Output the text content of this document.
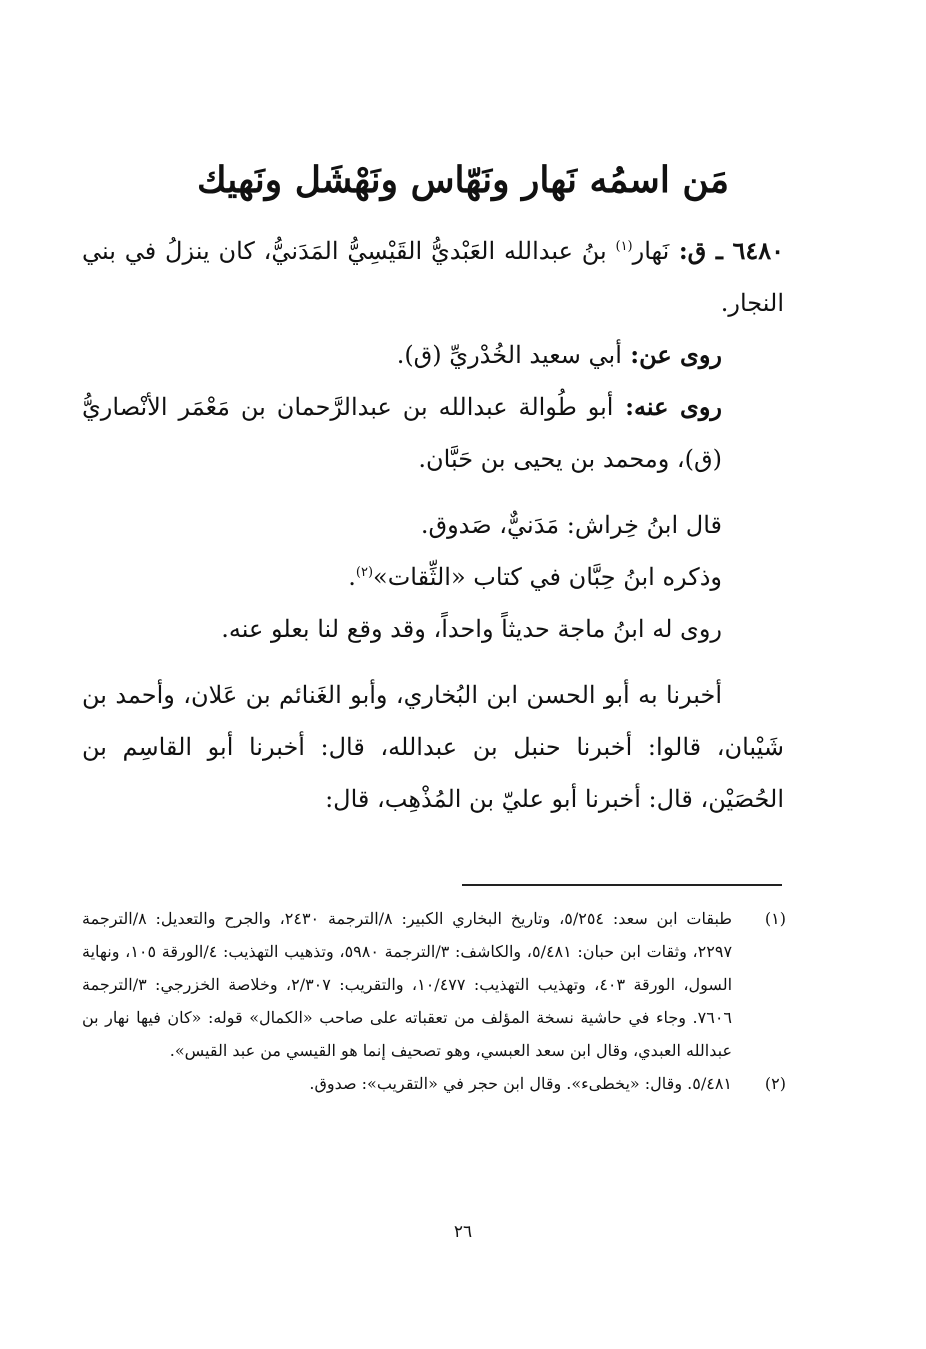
مَن اسمُه نَهار ونَهّاس ونَهْشَل ونَهيك

٦٤٨٠ ـ ق: نَهار$^{(١)}$ بنُ عبدالله العَبْديُّ القَيْسِيُّ المَدَنيُّ، كان ينزلُ في بني النجار.

روى عن: أبي سعيد الخُدْريِّ (ق).

روى عنه: أبو طُوالة عبدالله بن عبدالرَّحمان بن مَعْمَر الأنْصاريُّ (ق)، ومحمد بن يحيى بن حَبَّان.

قال ابنُ خِراش: مَدَنيٌّ، صَدوق.

وذكره ابنُ حِبَّان في كتاب «الثِّقات»$^{(٢)}$.

روى له ابنُ ماجة حديثاً واحداً، وقد وقع لنا بعلو عنه.

أخبرنا به أبو الحسن ابن البُخاري، وأبو الغَنائم بن عَلان، وأحمد بن شَيْبان، قالوا: أخبرنا حنبل بن عبدالله، قال: أخبرنا أبو القاسِم بن الحُصَيْن، قال: أخبرنا أبو عليّ بن المُذْهِب، قال:

(١)
طبقات ابن سعد: ٥/٢٥٤، وتاريخ البخاري الكبير: ٨/الترجمة ٢٤٣٠، والجرح والتعديل: ٨/الترجمة ٢٢٩٧، وثقات ابن حبان: ٥/٤٨١، والكاشف: ٣/الترجمة ٥٩٨٠، وتذهيب التهذيب: ٤/الورقة ١٠٥، ونهاية السول، الورقة ٤٠٣، وتهذيب التهذيب: ١٠/٤٧٧، والتقريب: ٢/٣٠٧، وخلاصة الخزرجي: ٣/الترجمة ٧٦٠٦. وجاء في حاشية نسخة المؤلف من تعقباته على صاحب «الكمال» قوله: «كان فيها نهار بن عبدالله العبدي، وقال ابن سعد العبسي، وهو تصحيف إنما هو القيسي من عبد القيس».
(٢)
٥/٤٨١. وقال: «يخطىء». وقال ابن حجر في «التقريب»: صدوق.
٢٦
